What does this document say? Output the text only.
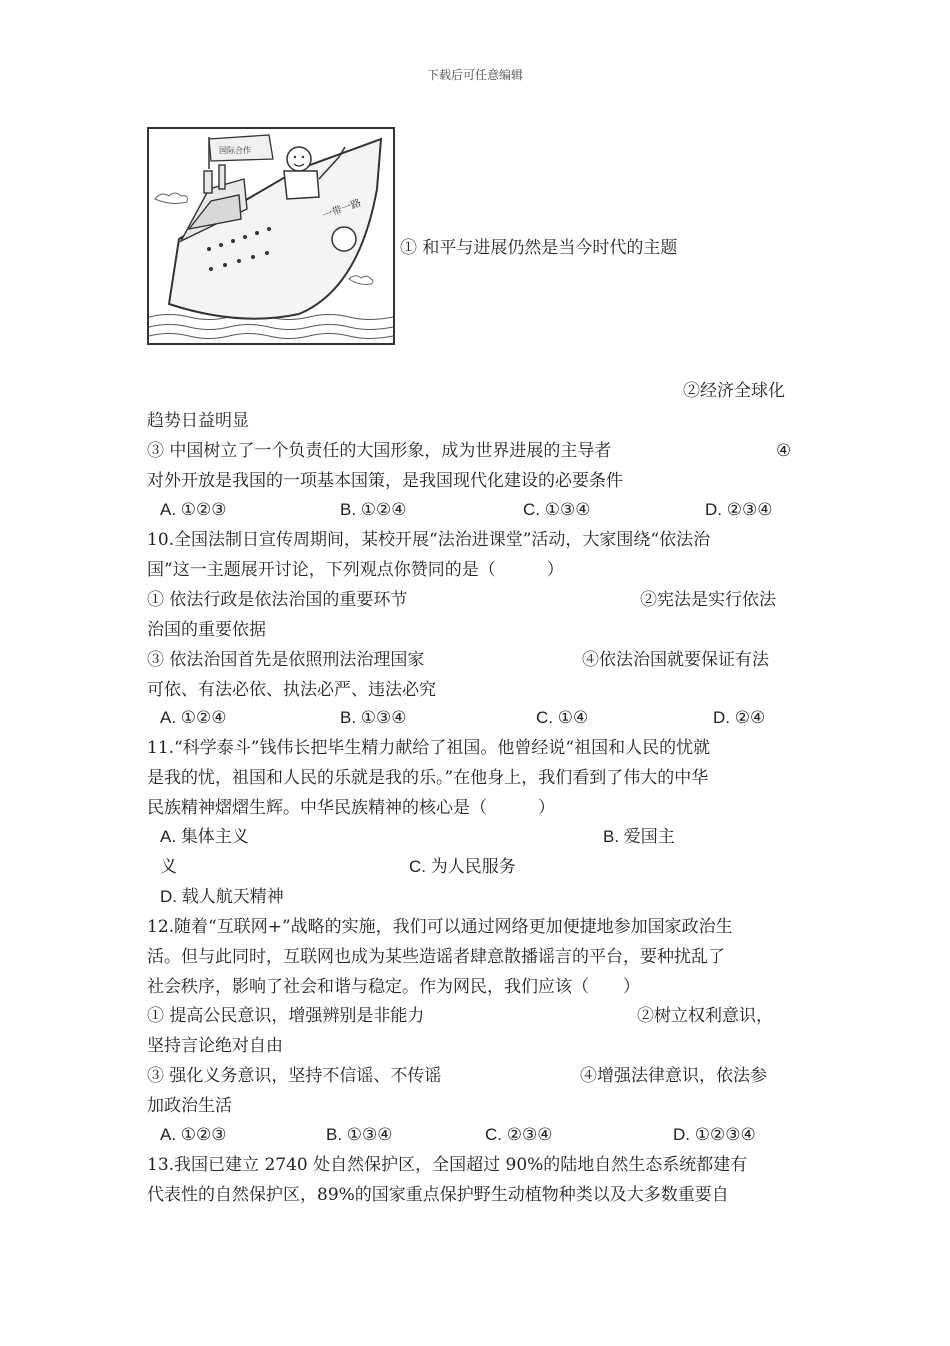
下载后可任意编辑
一带一路
国际合作
① 和平与进展仍然是当今时代的主题
②经济全球化
趋势日益明显
③ 中国树立了一个负责任的大国形象，成为世界进展的主导者	④
对外开放是我国的一项基本国策，是我国现代化建设的必要条件
A. ①②③	B. ①②④	C. ①③④	D. ②③④
10.全国法制日宣传周期间，某校开展“法治进课堂”活动，大家围绕“依法治
国”这一主题展开讨论，下列观点你赞同的是（　　　）
① 依法行政是依法治国的重要环节	②宪法是实行依法
治国的重要依据
③ 依法治国首先是依照刑法治理国家	④依法治国就要保证有法
可依、有法必依、执法必严、违法必究
A. ①②④	B. ①③④	C. ①④	D. ②④
11.“科学泰斗”钱伟长把毕生精力献给了祖国。他曾经说“祖国和人民的忧就
是我的忧，祖国和人民的乐就是我的乐。”在他身上，我们看到了伟大的中华
民族精神熠熠生辉。中华民族精神的核心是（　　　）
A. 集体主义	B. 爱国主
义	C. 为人民服务
D. 载人航天精神
12.随着“互联网+”战略的实施，我们可以通过网络更加便捷地参加国家政治生
活。但与此同时，互联网也成为某些造谣者肆意散播谣言的平台，要种扰乱了
社会秩序，影响了社会和谐与稳定。作为网民，我们应该（　　）
① 提高公民意识，增强辨别是非能力	②树立权利意识，
坚持言论绝对自由
③ 强化义务意识，坚持不信谣、不传谣	④增强法律意识，依法参
加政治生活
A. ①②③	B. ①③④	C. ②③④	D. ①②③④
13.我国已建立 2740 处自然保护区，全国超过 90%的陆地自然生态系统都建有
代表性的自然保护区，89%的国家重点保护野生动植物种类以及大多数重要自
